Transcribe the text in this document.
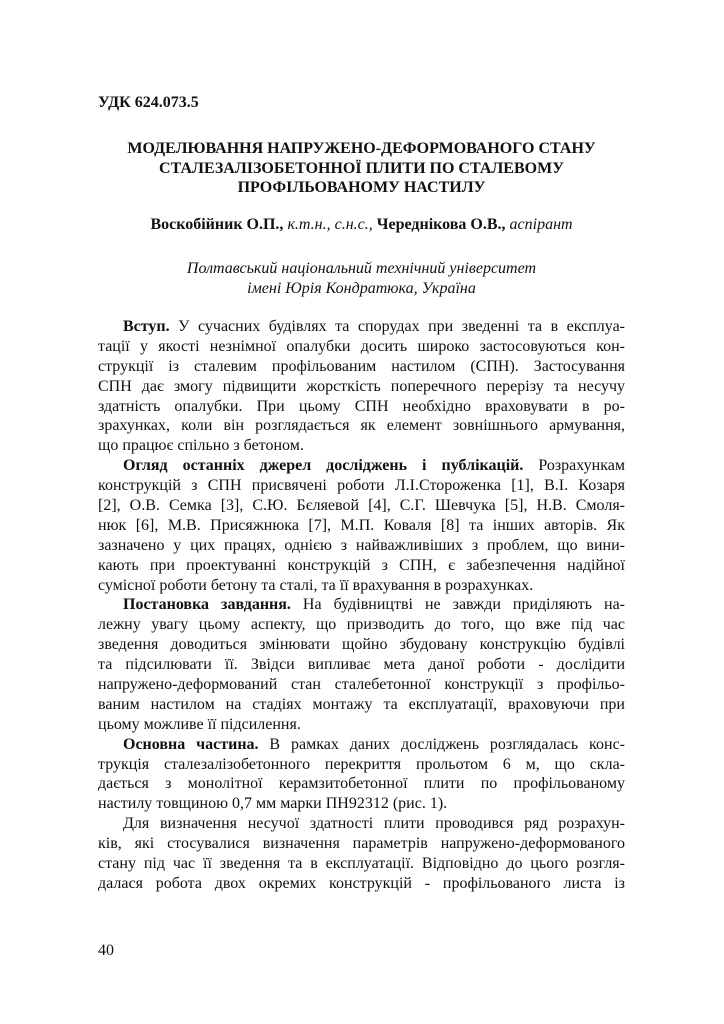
УДК 624.073.5
МОДЕЛЮВАННЯ НАПРУЖЕНО-ДЕФОРМОВАНОГО СТАНУ
СТАЛЕЗАЛІЗОБЕТОННОЇ ПЛИТИ ПО СТАЛЕВОМУ
ПРОФІЛЬОВАНОМУ НАСТИЛУ
Воскобійник О.П., к.т.н., с.н.с., Череднікова О.В., аспірант
Полтавський національний технічний університет
імені Юрія Кондратюка, Україна
Вступ. У сучасних будівлях та спорудах при зведенні та в експлуа-
тації у якості незнімної опалубки досить широко застосовуються кон-
струкції із сталевим профільованим настилом (СПН). Застосування
СПН дає змогу підвищити жорсткість поперечного перерізу та несучу
здатність опалубки. При цьому СПН необхідно враховувати в ро-
зрахунках, коли він розглядається як елемент зовнішнього армування,
що працює спільно з бетоном.
Огляд останніх джерел досліджень і публікацій. Розрахункам
конструкцій з СПН присвячені роботи Л.І.Стороженка [1], В.І. Козаря
[2], О.В. Семка [3], С.Ю. Бєляевой [4], С.Г. Шевчука [5], Н.В. Смоля-
нюк [6], М.В. Присяжнюка [7], М.П. Коваля [8] та інших авторів. Як
зазначено у цих працях, однією з найважливіших з проблем, що вини-
кають при проектуванні конструкцій з СПН, є забезпечення надійної
сумісної роботи бетону та сталі, та її врахування в розрахунках.
Постановка завдання. На будівництві не завжди приділяють на-
лежну увагу цьому аспекту, що призводить до того, що вже під час
зведення доводиться змінювати щойно збудовану конструкцію будівлі
та підсилювати її. Звідси випливає мета даної роботи - дослідити
напружено-деформований стан сталебетонної конструкції з профільо-
ваним настилом на стадіях монтажу та експлуатації, враховуючи при
цьому можливе її підсилення.
Основна частина. В рамках даних досліджень розглядалась конс-
трукція сталезалізобетонного перекриття прольотом 6 м, що скла-
дається з монолітної керамзитобетонної плити по профільованому
настилу товщиною 0,7 мм марки ПН92312 (рис. 1).
Для визначення несучої здатності плити проводився ряд розрахун-
ків, які стосувалися визначення параметрів напружено-деформованого
стану під час її зведення та в експлуатації. Відповідно до цього розгля-
далася робота двох окремих конструкцій - профільованого листа із
40
